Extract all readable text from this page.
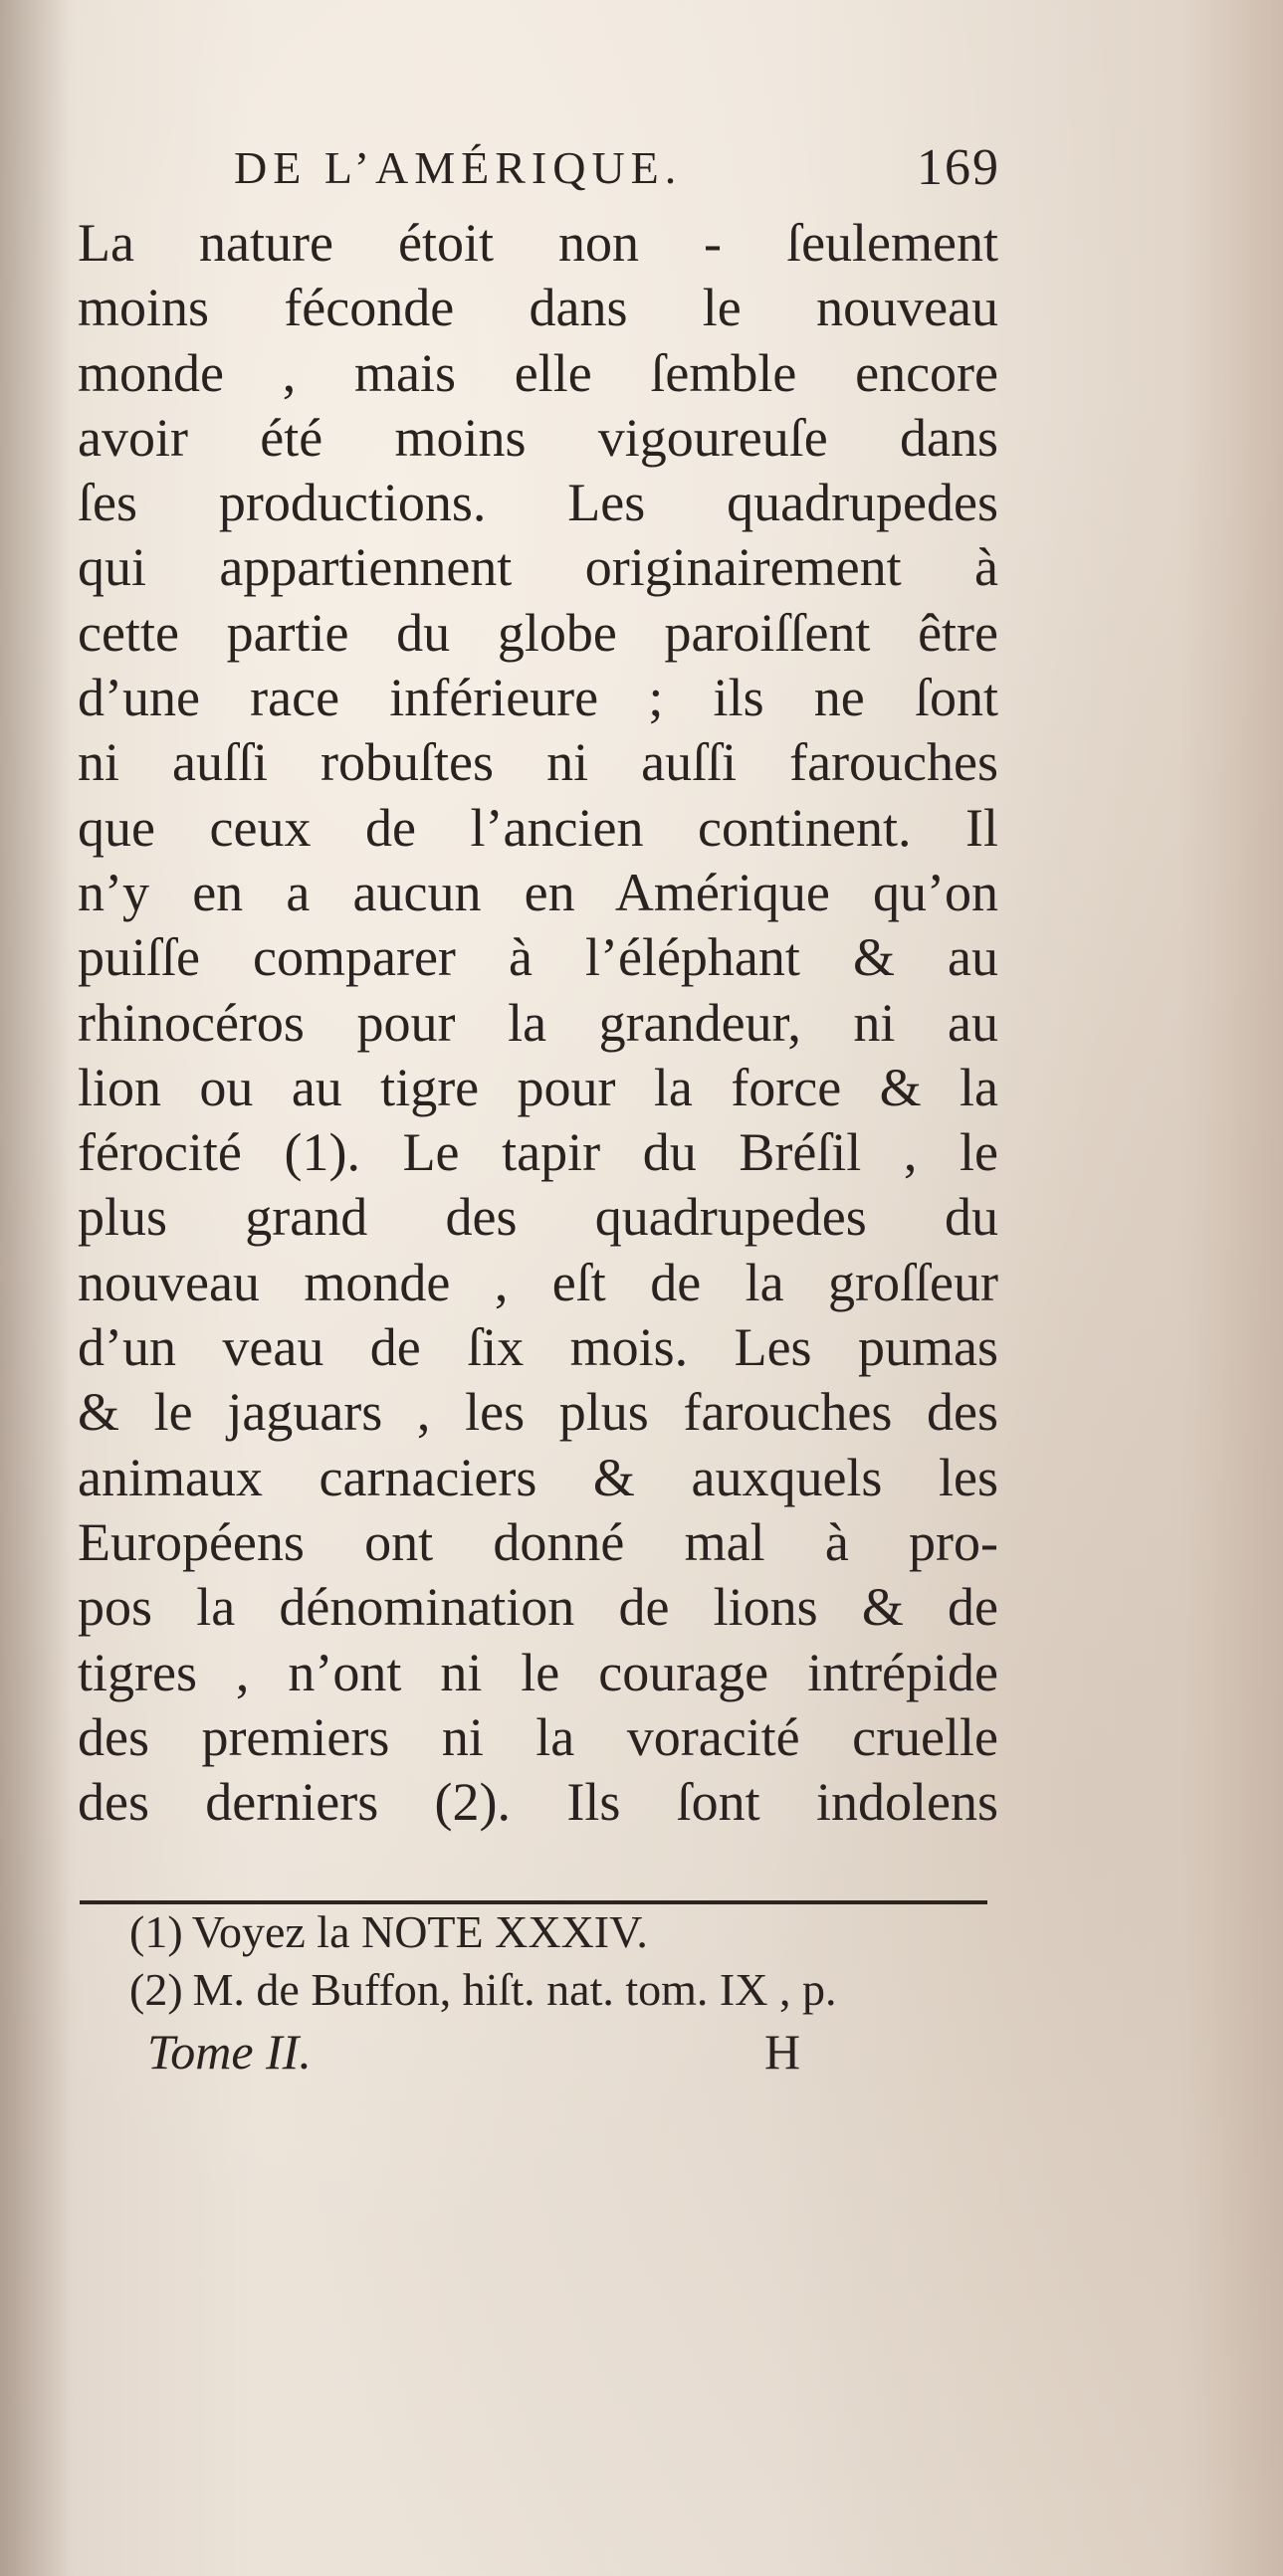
DE L’AMÉRIQUE.	169
La nature étoit non - ſeulement
moins féconde dans le nouveau
monde , mais elle ſemble encore
avoir été moins vigoureuſe dans
ſes productions. Les quadrupedes
qui appartiennent originairement à
cette partie du globe paroiſſent être
d’une race inférieure ; ils ne ſont
ni auſſi robuſtes ni auſſi farouches
que ceux de l’ancien continent. Il
n’y en a aucun en Amérique qu’on
puiſſe comparer à l’éléphant & au
rhinocéros pour la grandeur, ni au
lion ou au tigre pour la force & la
férocité (1). Le tapir du Bréſil , le
plus grand des quadrupedes du
nouveau monde , eſt de la groſſeur
d’un veau de ſix mois. Les pumas
& le jaguars , les plus farouches des
animaux carnaciers & auxquels les
Européens ont donné mal à pro-
pos la dénomination de lions & de
tigres , n’ont ni le courage intrépide
des premiers ni la voracité cruelle
des derniers (2). Ils ſont indolens
(1) Voyez la NOTE XXXIV.
(2) M. de Buffon, hiſt. nat. tom. IX , p.
Tome II.	H
